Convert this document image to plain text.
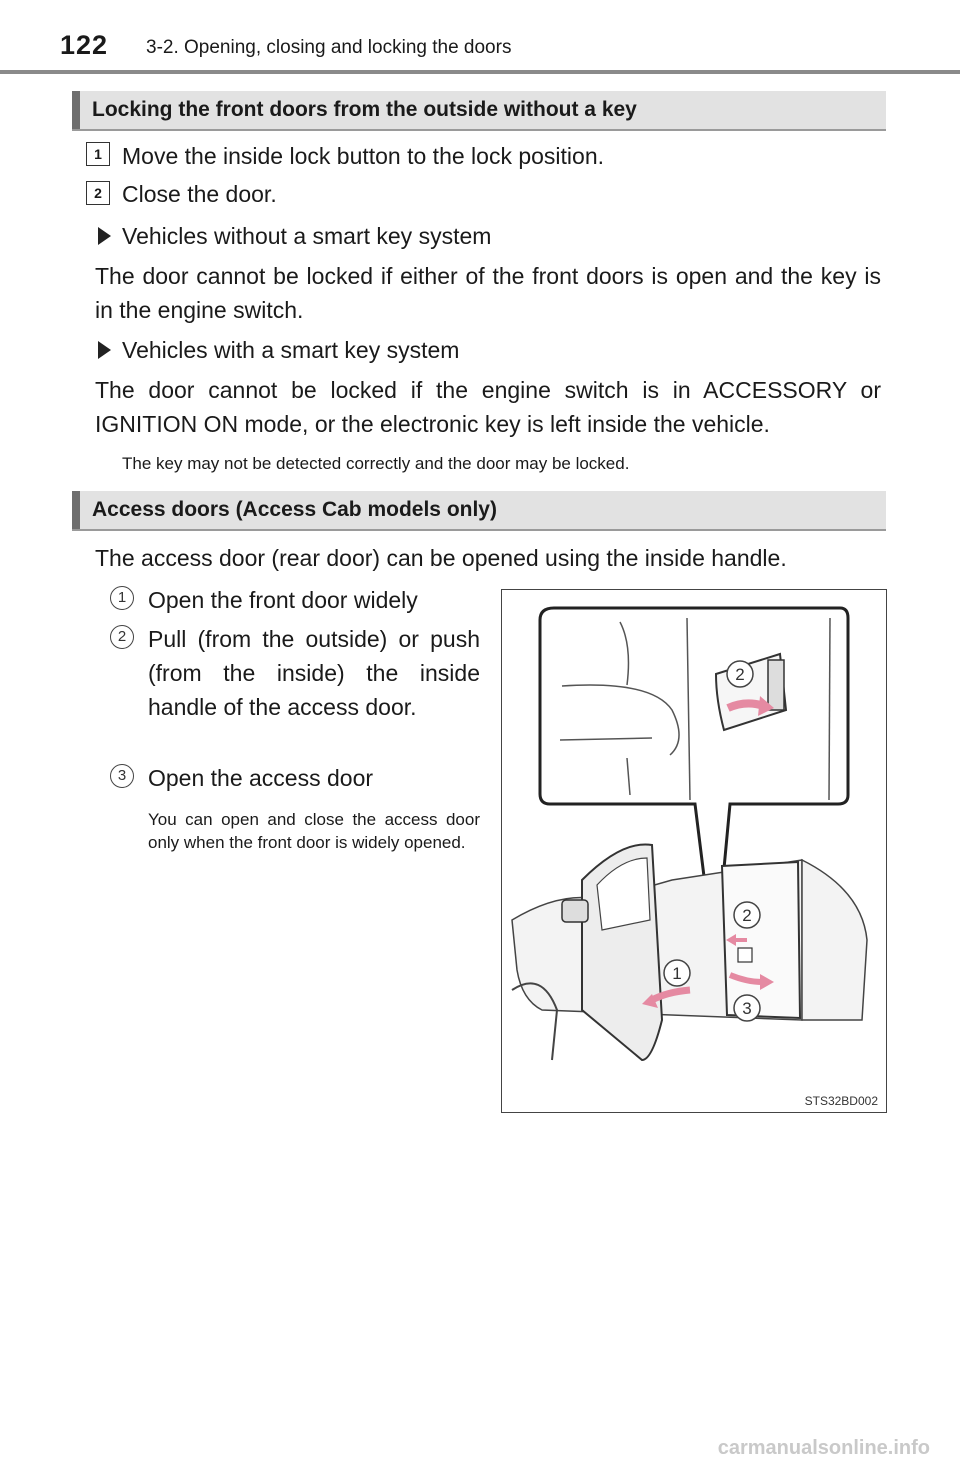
122 3-2. Opening, closing and locking the doors
Locking the front doors from the outside without a key
1 Move the inside lock button to the lock position.
2 Close the door.
Vehicles without a smart key system
The door cannot be locked if either of the front doors is open and the key is in the engine switch.
Vehicles with a smart key system
The door cannot be locked if the engine switch is in ACCESSORY or IGNITION ON mode, or the electronic key is left inside the vehicle.
The key may not be detected correctly and the door may be locked.
Access doors (Access Cab models only)
The access door (rear door) can be opened using the inside handle.
1 Open the front door widely
2 Pull (from the outside) or push (from the inside) the inside handle of the access door.
3 Open the access door
You can open and close the access door only when the front door is widely opened.
2
2
1
3
STS32BD002
carmanualsonline.info
